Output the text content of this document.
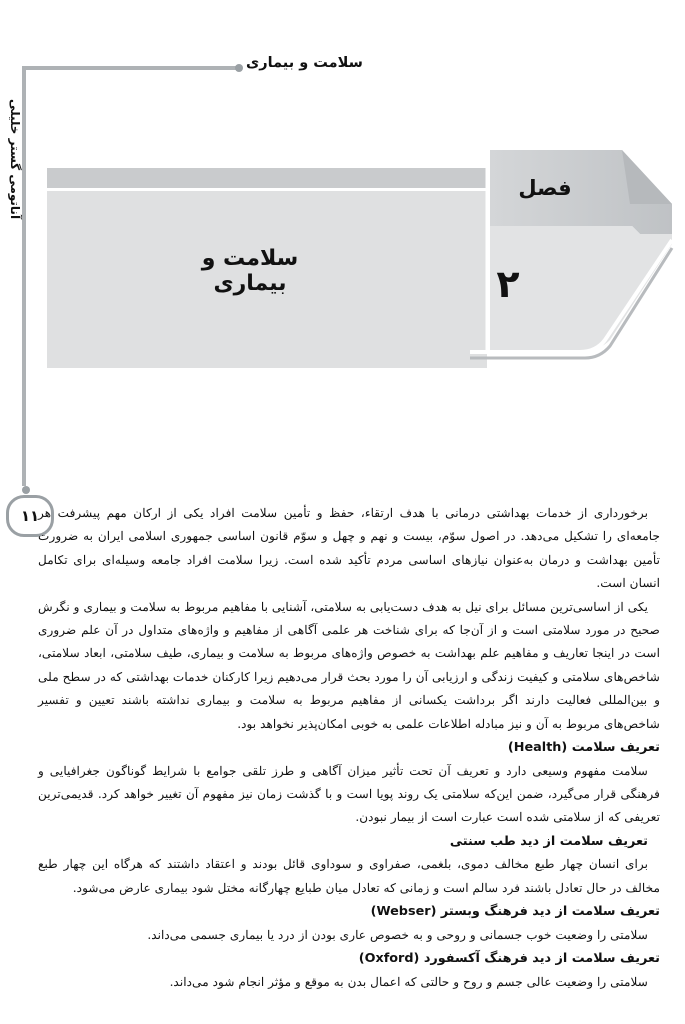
سلامت و بیماری
آناتومی گستر خلیلی	فصل
۲
سلامت و بیماری
۱۱

برخورداری از خدمات بهداشتی درمانی با هدف ارتقاء، حفظ و تأمین سلامت افراد یکی از ارکان مهم پیشرفت هر جامعه‌ای را تشکیل می‌دهد. در اصول سوّم، بیست و نهم و چهل و سوّم قانون اساسی جمهوری اسلامی ایران به ضرورت تأمین بهداشت و درمان به‌عنوان نیازهای اساسی مردم تأکید شده است. زیرا سلامت افراد جامعه وسیله‌ای برای تکامل انسان است.

یکی از اساسی‌ترین مسائل برای نیل به هدف دست‌یابی به سلامتی، آشنایی با مفاهیم مربوط به سلامت و بیماری و نگرش صحیح در مورد سلامتی است و از آن‌جا که برای شناخت هر علمی آگاهی از مفاهیم و واژه‌های متداول در آن علم ضروری است در اینجا تعاریف و مفاهیم علم بهداشت به خصوص واژه‌های مربوط به سلامت و بیماری، طیف سلامتی، ابعاد سلامتی، شاخص‌های سلامتی و کیفیت زندگی و ارزیابی آن را مورد بحث قرار می‌دهیم زیرا کارکنان خدمات بهداشتی که در سطح ملی و بین‌المللی فعالیت دارند اگر برداشت یکسانی از مفاهیم مربوط به سلامت و بیماری نداشته باشند تعیین و تفسیر شاخص‌های مربوط به آن و نیز مبادله اطلاعات علمی به خوبی امکان‌پذیر نخواهد بود.

تعریف سلامت (Health)

سلامت مفهوم وسیعی دارد و تعریف آن تحت تأثیر میزان آگاهی و طرز تلقی جوامع با شرایط گوناگون جغرافیایی و فرهنگی قرار می‌گیرد، ضمن این‌که سلامتی یک روند پویا است و با گذشت زمان نیز مفهوم آن تغییر خواهد کرد. قدیمی‌ترین تعریفی که از سلامتی شده است عبارت است از بیمار نبودن.

تعریف سلامت از دید طب سنتی

برای انسان چهار طبع مخالف دموی، بلغمی، صفراوی و سوداوی قائل بودند و اعتقاد داشتند که هرگاه این چهار طبع مخالف در حال تعادل باشند فرد سالم است و زمانی که تعادل میان طبایع چهارگانه مختل شود بیماری عارض می‌شود.

تعریف سلامت از دید فرهنگ وبستر (Webser)

سلامتی را وضعیت خوب جسمانی و روحی و به خصوص عاری بودن از درد یا بیماری جسمی می‌داند.

تعریف سلامت از دید فرهنگ آکسفورد (Oxford)

سلامتی را وضعیت عالی جسم و روح و حالتی که اعمال بدن به موقع و مؤثر انجام شود می‌داند.
